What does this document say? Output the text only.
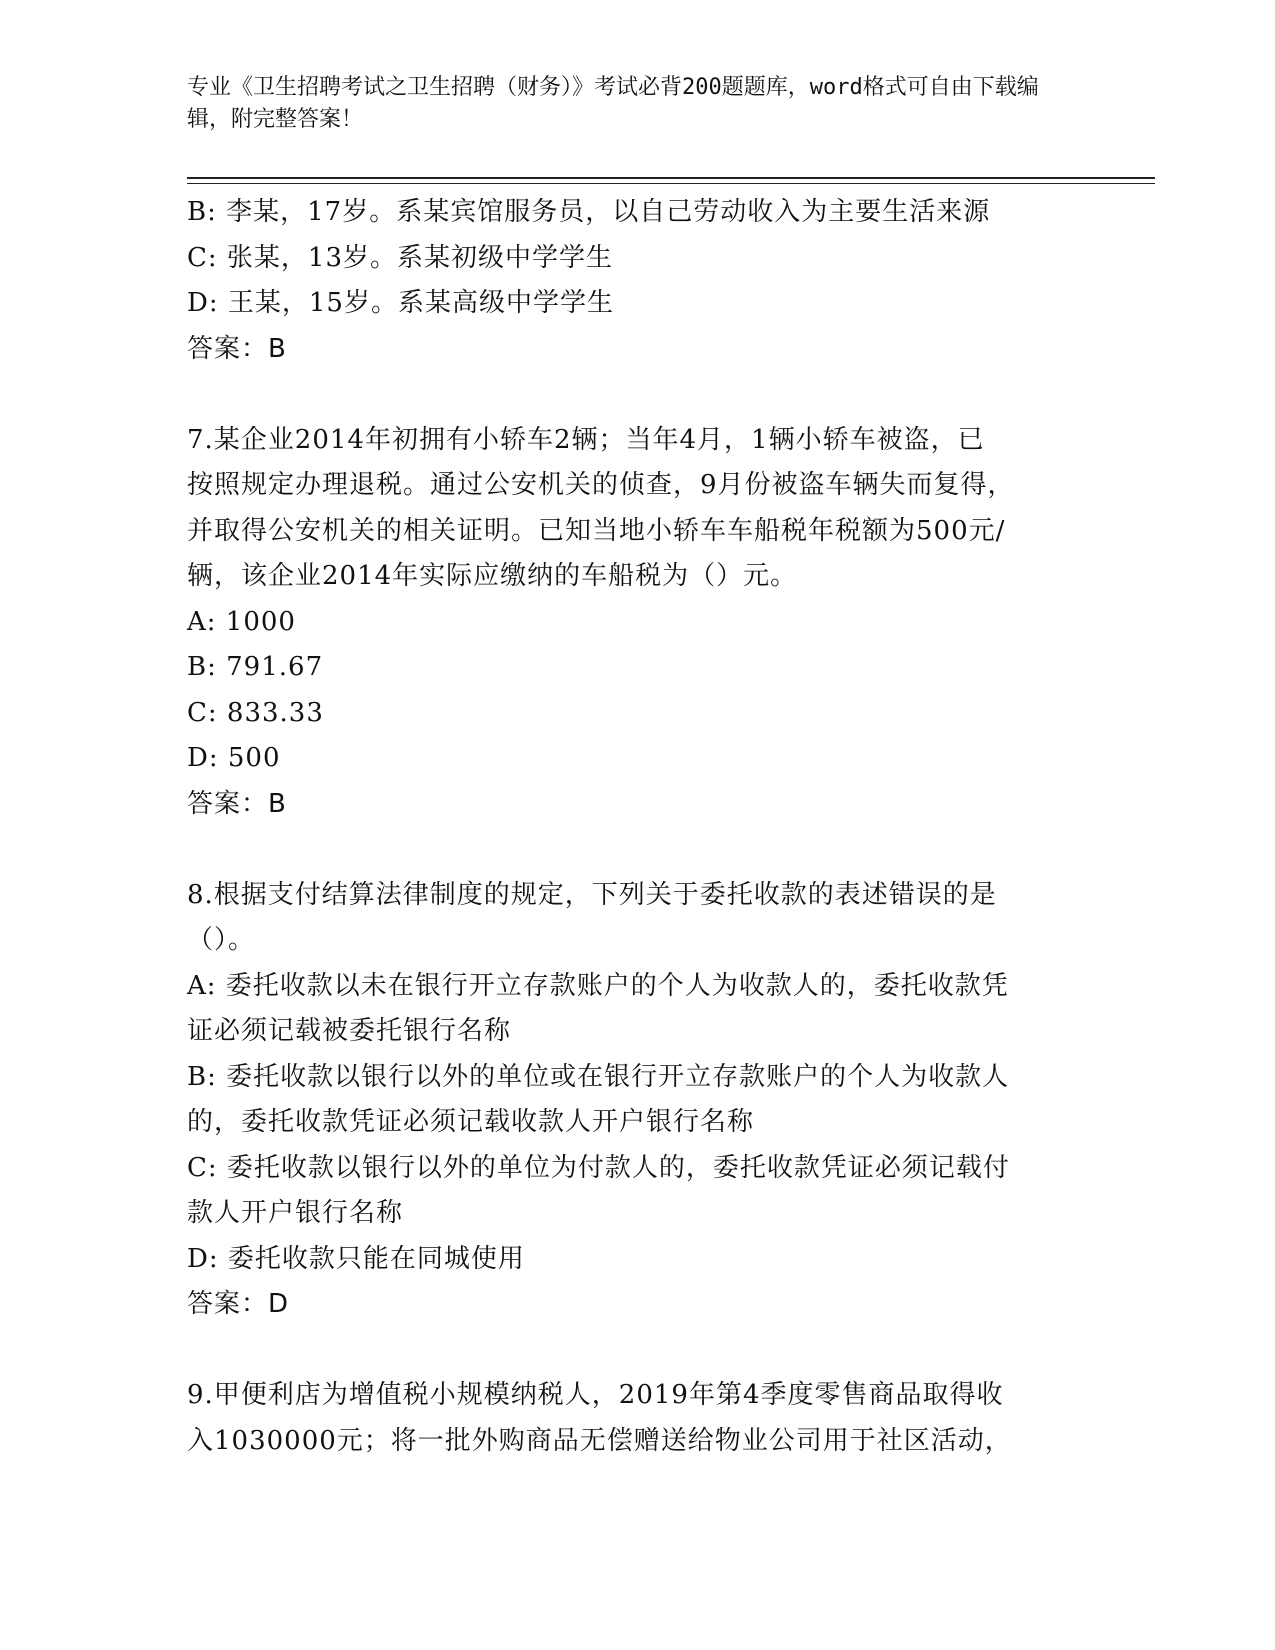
专业《卫生招聘考试之卫生招聘（财务）》考试必背200题题库，word格式可自由下载编辑，附完整答案！
B: 李某，17岁。系某宾馆服务员，以自己劳动收入为主要生活来源
C: 张某，13岁。系某初级中学学生
D: 王某，15岁。系某高级中学学生
答案：B
7.某企业2014年初拥有小轿车2辆；当年4月，1辆小轿车被盗，已
按照规定办理退税。通过公安机关的侦查，9月份被盗车辆失而复得，
并取得公安机关的相关证明。已知当地小轿车车船税年税额为500元/
辆，该企业2014年实际应缴纳的车船税为（）元。
A: 1000
B: 791.67
C: 833.33
D: 500
答案：B
8.根据支付结算法律制度的规定，下列关于委托收款的表述错误的是
（）。
A: 委托收款以未在银行开立存款账户的个人为收款人的，委托收款凭
证必须记载被委托银行名称
B: 委托收款以银行以外的单位或在银行开立存款账户的个人为收款人
的，委托收款凭证必须记载收款人开户银行名称
C: 委托收款以银行以外的单位为付款人的，委托收款凭证必须记载付
款人开户银行名称
D: 委托收款只能在同城使用
答案：D
9.甲便利店为增值税小规模纳税人，2019年第4季度零售商品取得收
入1030000元；将一批外购商品无偿赠送给物业公司用于社区活动，
